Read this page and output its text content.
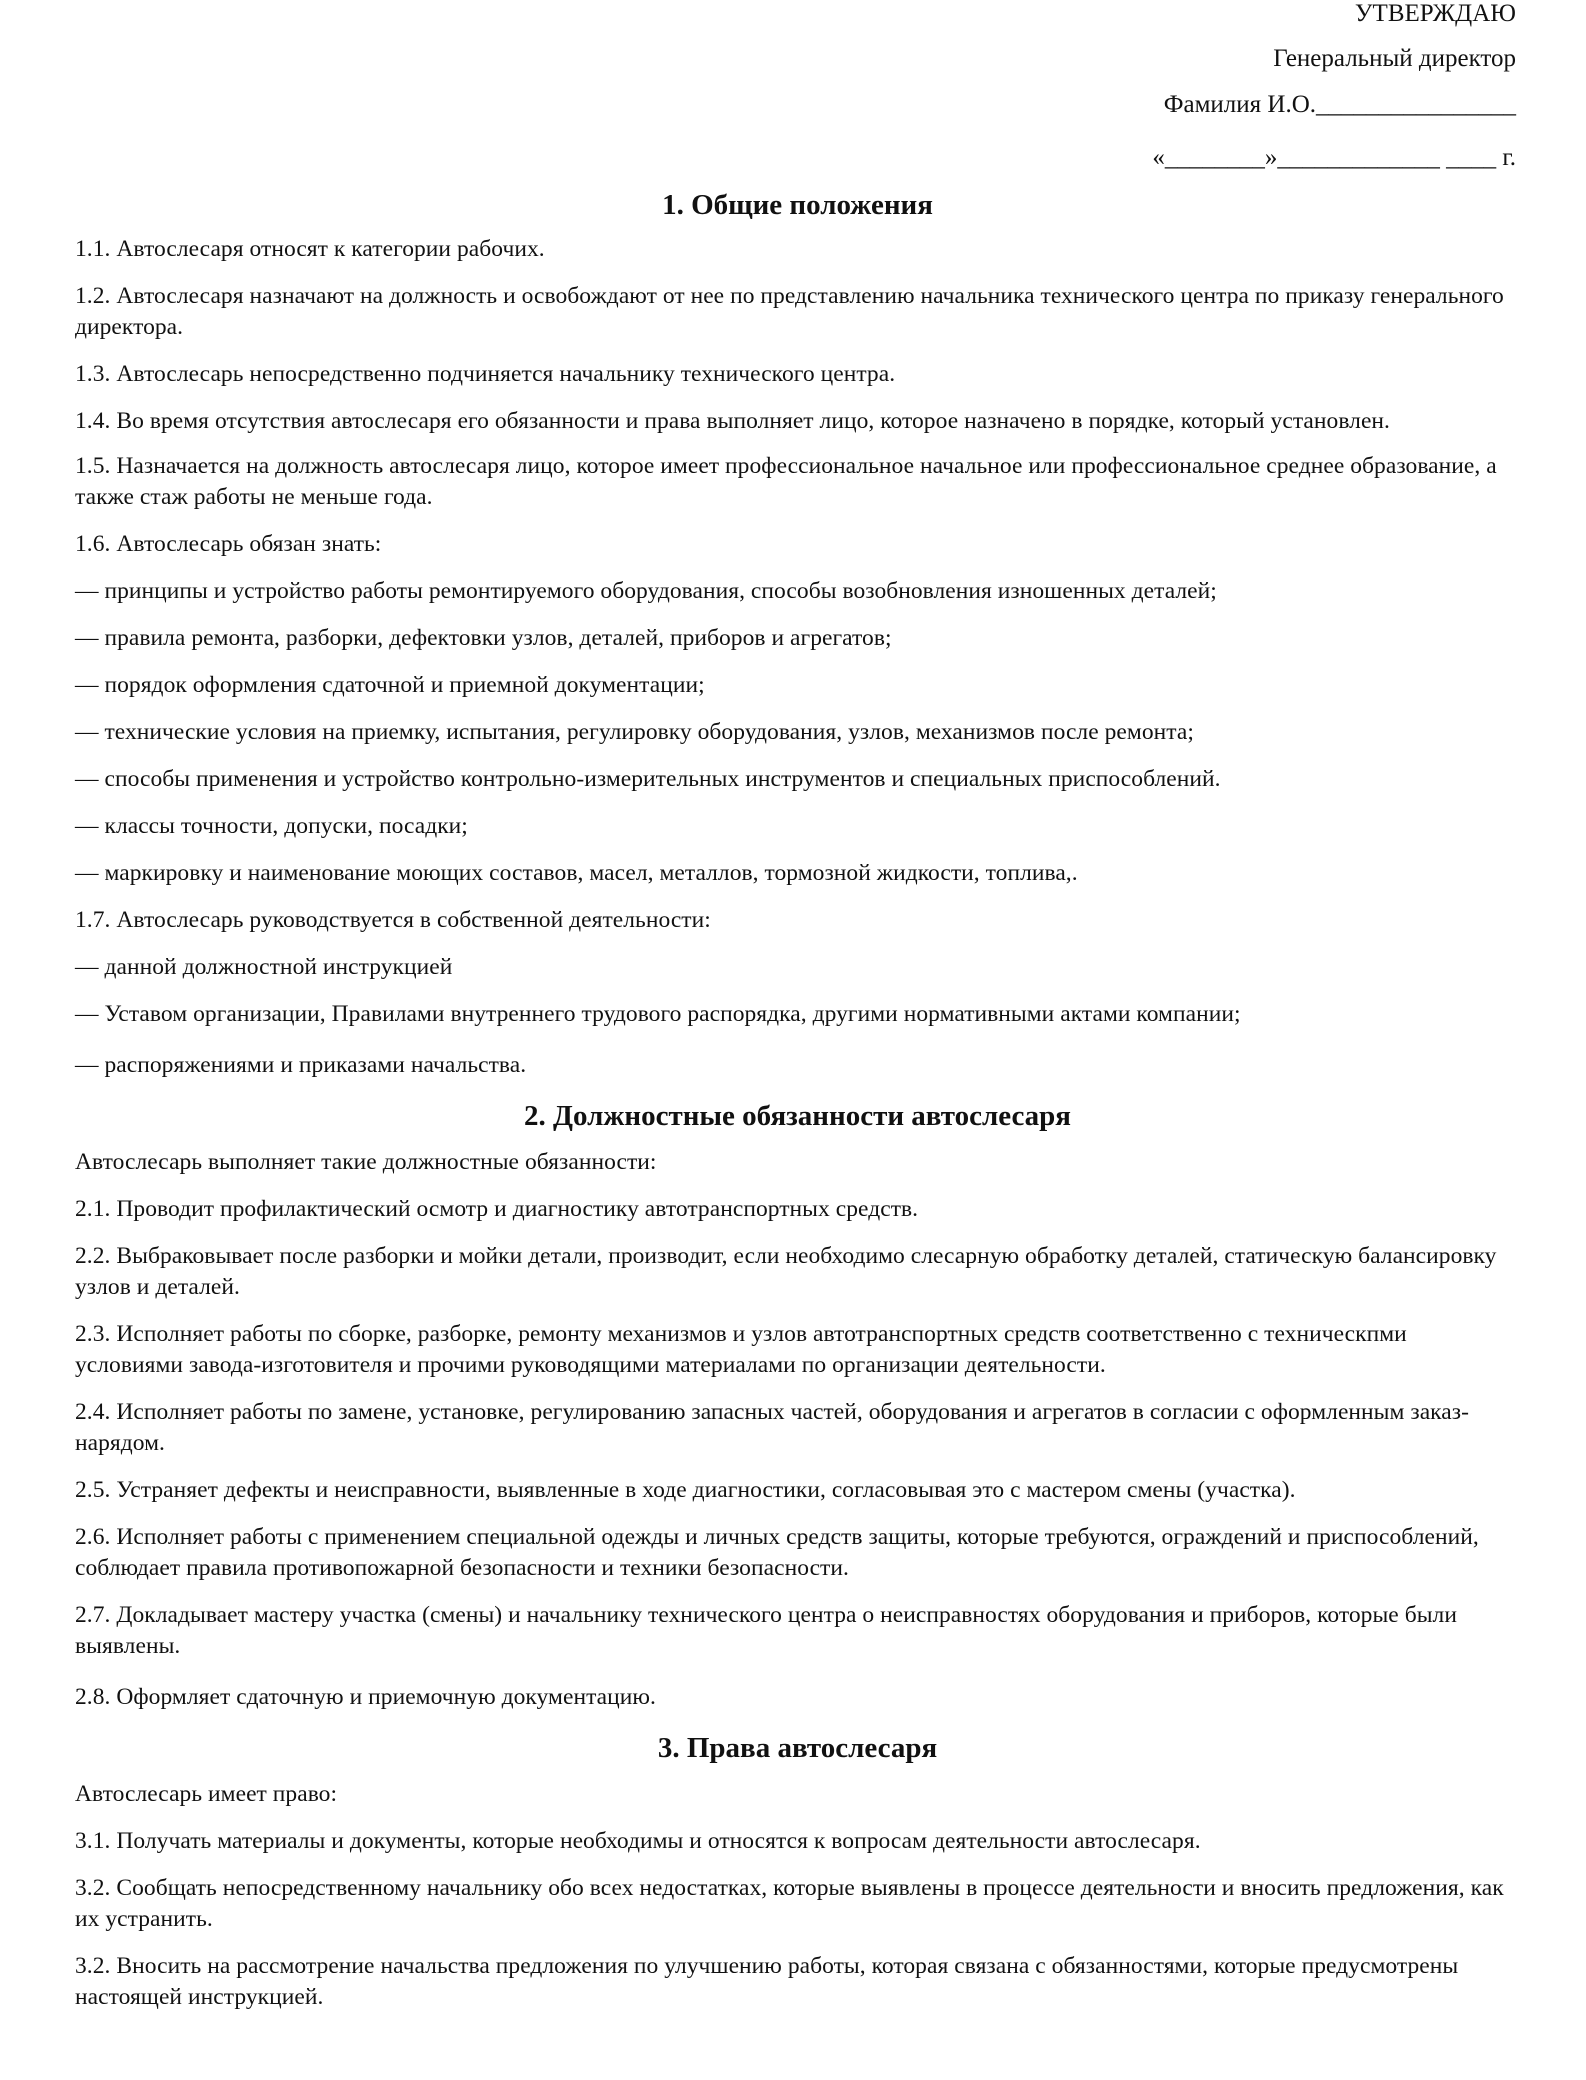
УТВЕРЖДАЮ
Генеральный директор
Фамилия И.О.________________
«________»_____________ ____ г.
1. Общие положения

1.1. Автослесаря относят к категории рабочих.

1.2. Автослесаря назначают на должность и освобождают от нее по представлению начальника технического центра по приказу генерального директора.

1.3. Автослесарь непосредственно подчиняется начальнику технического центра.

1.4. Во время отсутствия автослесаря его обязанности и права выполняет лицо, которое назначено в порядке, который установлен.

1.5. Назначается на должность автослесаря лицо, которое имеет профессиональное начальное или профессиональное среднее образование, а также стаж работы не меньше года.

1.6. Автослесарь обязан знать:

— принципы и устройство работы ремонтируемого оборудования, способы возобновления изношенных деталей;

— правила ремонта, разборки, дефектовки узлов, деталей, приборов и агрегатов;

— порядок оформления сдаточной и приемной документации;

— технические условия на приемку, испытания, регулировку оборудования, узлов, механизмов после ремонта;

— способы применения и устройство контрольно-измерительных инструментов и специальных приспособлений.

— классы точности, допуски, посадки;

— маркировку и наименование моющих составов, масел, металлов, тормозной жидкости, топлива,.

1.7. Автослесарь руководствуется в собственной деятельности:

— данной должностной инструкцией

— Уставом организации, Правилами внутреннего трудового распорядка, другими нормативными актами компании;

— распоряжениями и приказами начальства.

2. Должностные обязанности автослесаря

Автослесарь выполняет такие должностные обязанности:

2.1. Проводит профилактический осмотр и диагностику автотранспортных средств.

2.2. Выбраковывает после разборки и мойки детали, производит, если необходимо слесарную обработку деталей, статическую балансировку узлов и деталей.

2.3. Исполняет работы по сборке, разборке, ремонту механизмов и узлов автотранспортных средств соответственно с техническпми условиями завода-изготовителя и прочими руководящими материалами по организации деятельности.

2.4. Исполняет работы по замене, установке, регулированию запасных частей, оборудования и агрегатов в согласии с оформленным заказ-нарядом.

2.5. Устраняет дефекты и неисправности, выявленные в ходе диагностики, согласовывая это с мастером смены (участка).

2.6. Исполняет работы с применением специальной одежды и личных средств защиты, которые требуются, ограждений и приспособлений, соблюдает правила противопожарной безопасности и техники безопасности.

2.7. Докладывает мастеру участка (смены) и начальнику технического центра о неисправностях оборудования и приборов, которые были выявлены.

2.8. Оформляет сдаточную и приемочную документацию.

3. Права автослесаря

Автослесарь имеет право:

3.1. Получать материалы и документы, которые необходимы и относятся к вопросам деятельности автослесаря.

3.2. Сообщать непосредственному начальнику обо всех недостатках, которые выявлены в процессе деятельности и вносить предложения, как их устранить.

3.2. Вносить на рассмотрение начальства предложения по улучшению работы, которая связана с обязанностями, которые предусмотрены настоящей инструкцией.
